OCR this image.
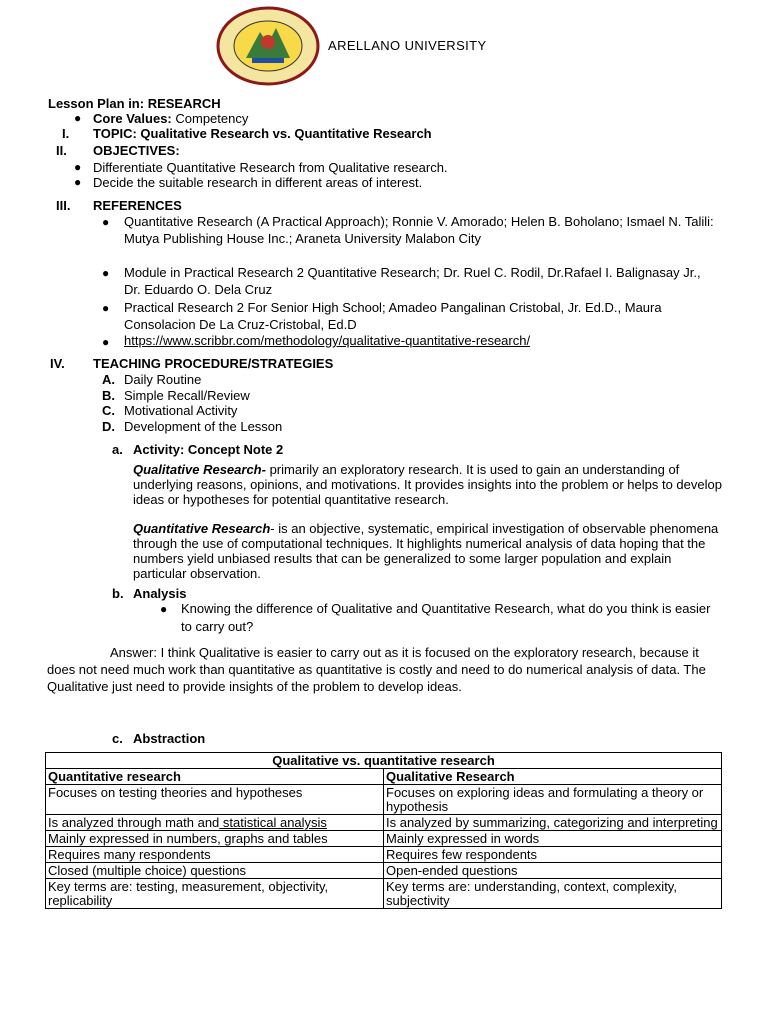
ARELLANO UNIVERSITY
Lesson Plan in: RESEARCH
● Core Values: Competency
I. TOPIC: Qualitative Research vs. Quantitative Research
II. OBJECTIVES:
● Differentiate Quantitative Research from Qualitative research.
● Decide the suitable research in different areas of interest.
III. REFERENCES
● Quantitative Research (A Practical Approach); Ronnie V. Amorado; Helen B. Boholano; Ismael N. Talili: Mutya Publishing House Inc.; Araneta University Malabon City
● Module in Practical Research 2 Quantitative Research; Dr. Ruel C. Rodil, Dr.Rafael I. Balignasay Jr., Dr. Eduardo O. Dela Cruz
● Practical Research 2 For Senior High School; Amadeo Pangalinan Cristobal, Jr. Ed.D., Maura Consolacion De La Cruz-Cristobal, Ed.D
● https://www.scribbr.com/methodology/qualitative-quantitative-research/
IV. TEACHING PROCEDURE/STRATEGIES
A. Daily Routine
B. Simple Recall/Review
C. Motivational Activity
D. Development of the Lesson
a. Activity: Concept Note 2
Qualitative Research- primarily an exploratory research. It is used to gain an understanding of underlying reasons, opinions, and motivations. It provides insights into the problem or helps to develop ideas or hypotheses for potential quantitative research.
Quantitative Research- is an objective, systematic, empirical investigation of observable phenomena through the use of computational techniques. It highlights numerical analysis of data hoping that the numbers yield unbiased results that can be generalized to some larger population and explain particular observation.
b. Analysis
● Knowing the difference of Qualitative and Quantitative Research, what do you think is easier to carry out?
Answer: I think Qualitative is easier to carry out as it is focused on the exploratory research, because it does not need much work than quantitative as quantitative is costly and need to do numerical analysis of data. The Qualitative just need to provide insights of the problem to develop ideas.
c. Abstraction
Qualitative vs. quantitative research	
Quantitative research	Qualitative Research
Focuses on testing theories and hypotheses	Focuses on exploring ideas and formulating a theory or hypothesis
Is analyzed through math and statistical analysis	Is analyzed by summarizing, categorizing and interpreting
Mainly expressed in numbers, graphs and tables	Mainly expressed in words
Requires many respondents	Requires few respondents
Closed (multiple choice) questions	Open-ended questions
Key terms are: testing, measurement, objectivity, replicability	Key terms are: understanding, context, complexity, subjectivity
